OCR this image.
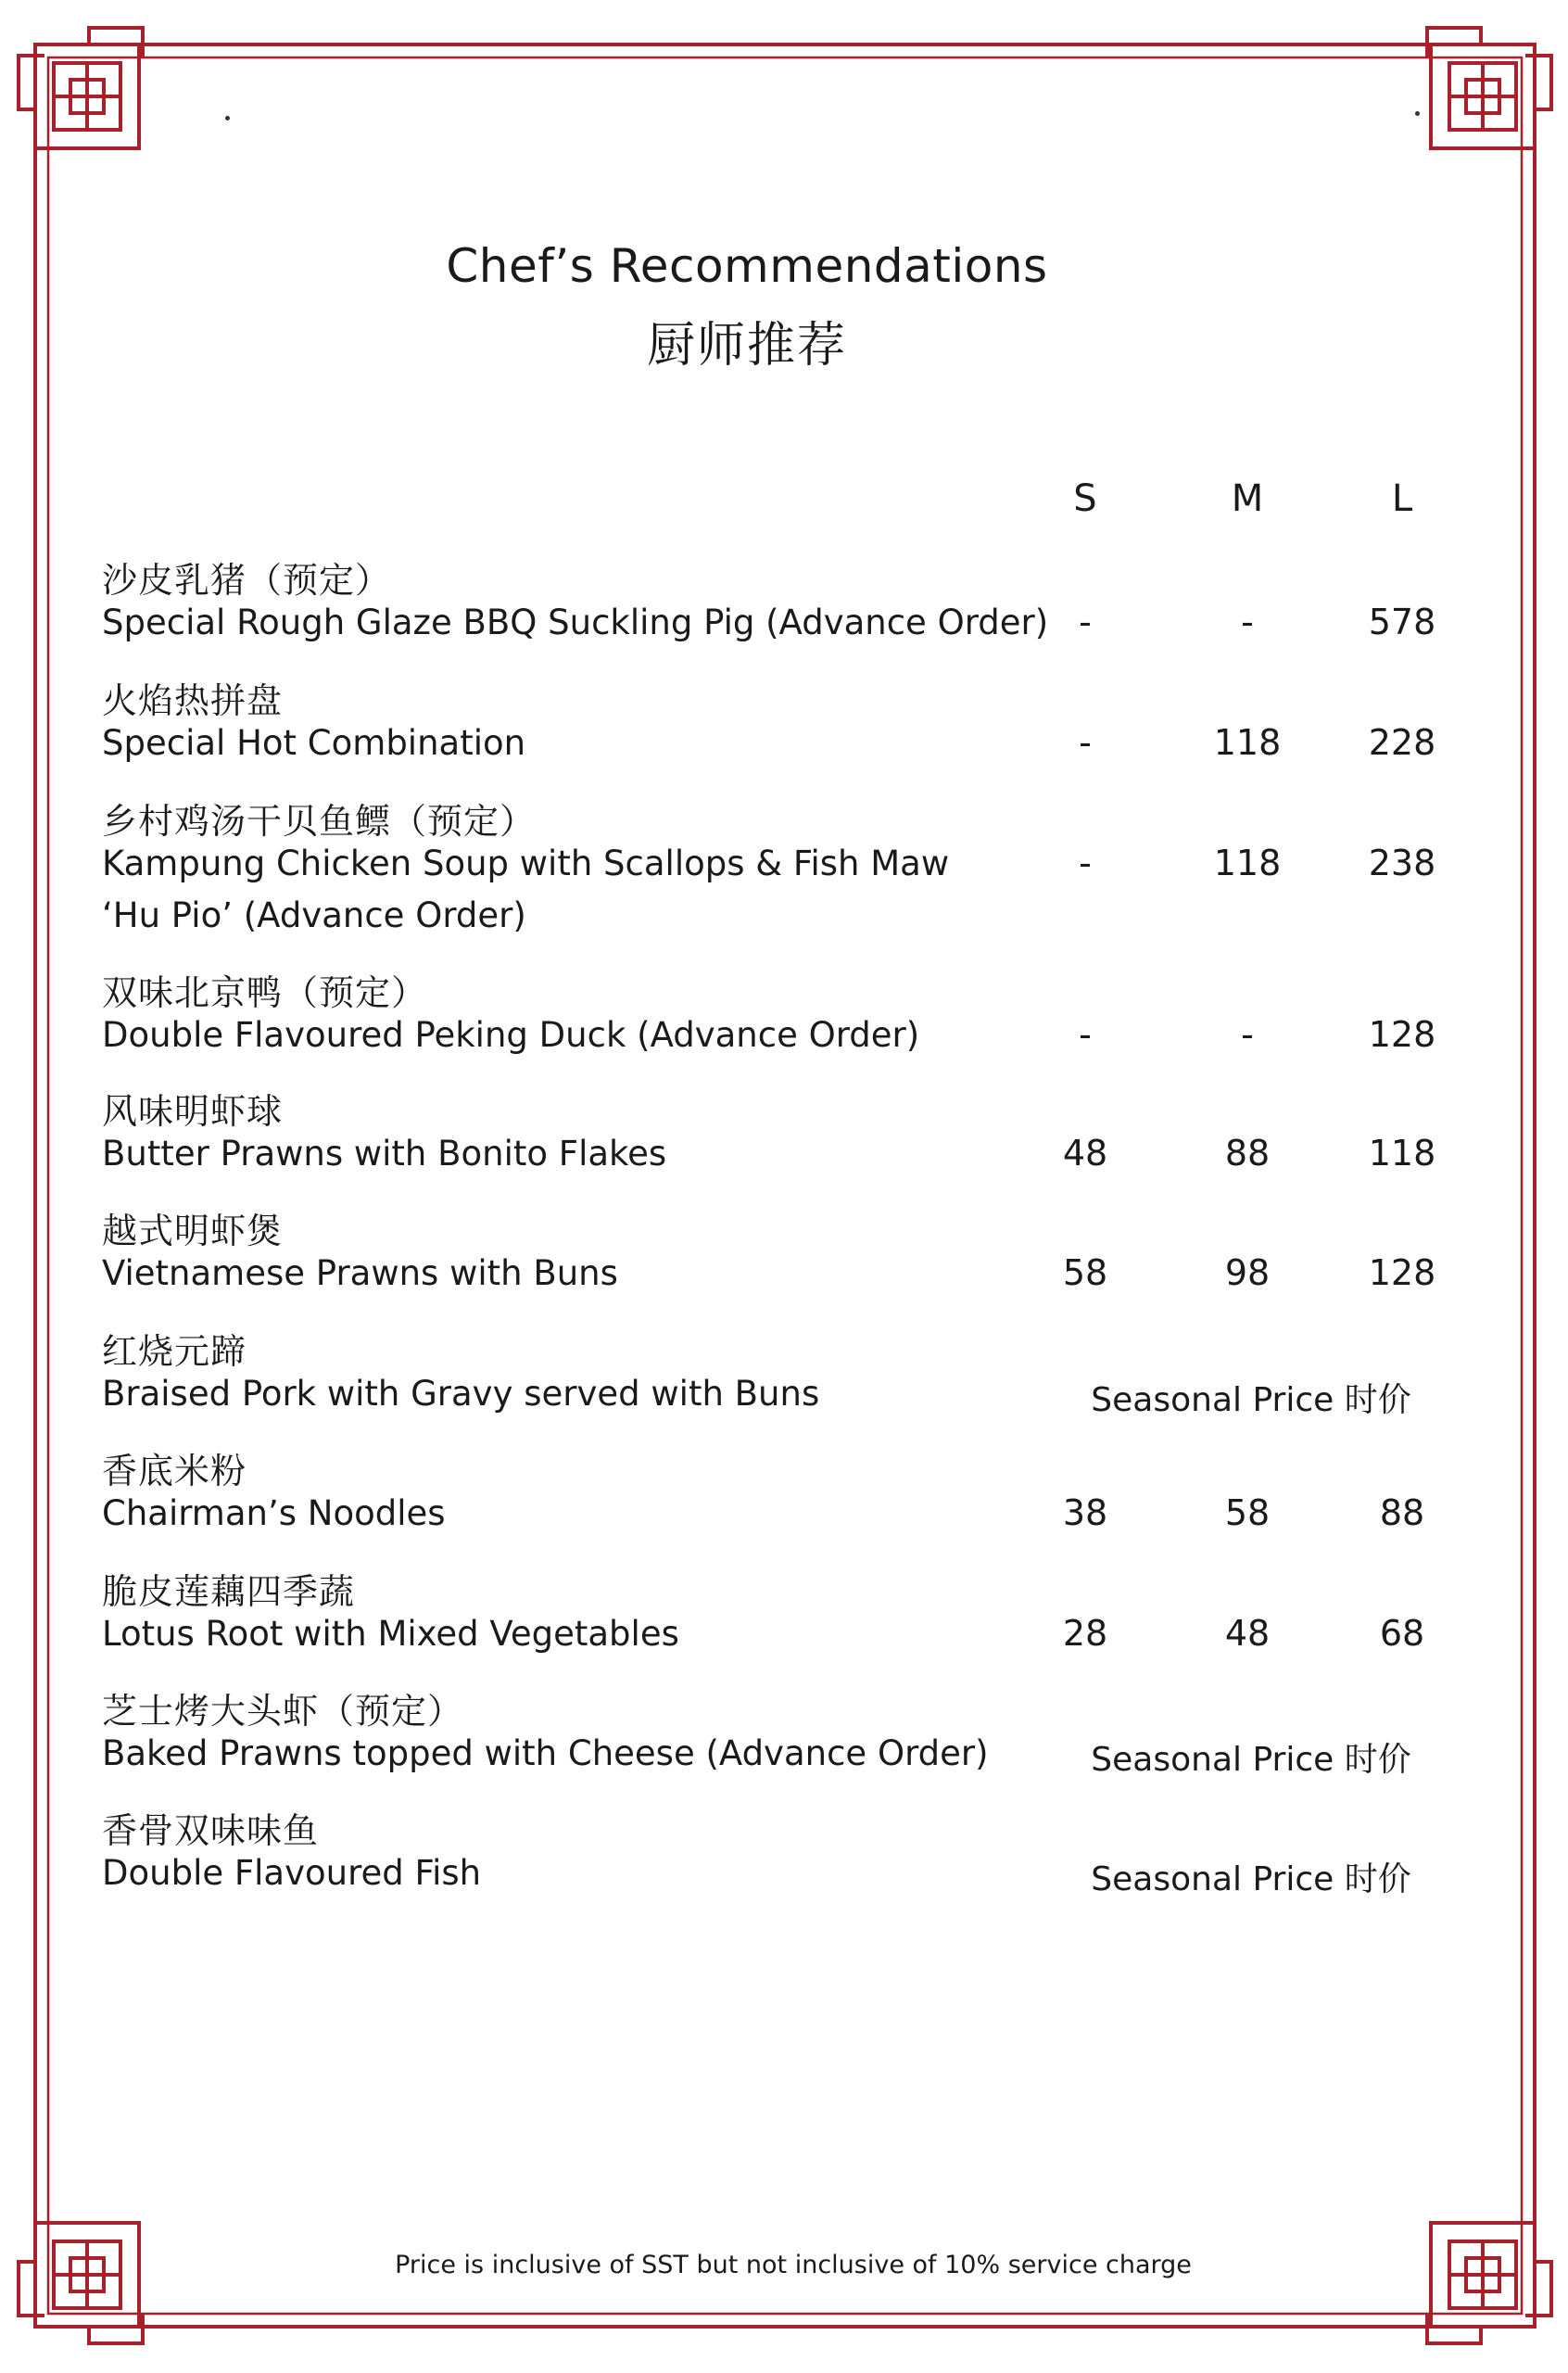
Chef’s Recommendations
厨师推荐
S	M	L
沙皮乳猪（预定）
Special Rough Glaze BBQ Suckling Pig (Advance Order) -	-	578
火焰热拼盘
Special Hot Combination	-	118	228
乡村鸡汤干贝鱼鳔（预定）
Kampung Chicken Soup with Scallops & Fish Maw
‘Hu Pio’ (Advance Order)
-	118	238
双味北京鸭（预定）
Double Flavoured Peking Duck (Advance Order)	-	-	128
风味明虾球
Butter Prawns with Bonito Flakes	48	88	118
越式明虾煲
Vietnamese Prawns with Buns	58	98	128
红烧元蹄
Braised Pork with Gravy served with Buns	Seasonal Price 时价
香底米粉
Chairman’s Noodles	38	58	88
脆皮莲藕四季蔬
Lotus Root with Mixed Vegetables	28	48	68
芝士烤大头虾（预定）
Baked Prawns topped with Cheese (Advance Order)	Seasonal Price 时价
香骨双味味鱼
Double Flavoured Fish	Seasonal Price 时价
Price is inclusive of SST but not inclusive of 10% service charge
